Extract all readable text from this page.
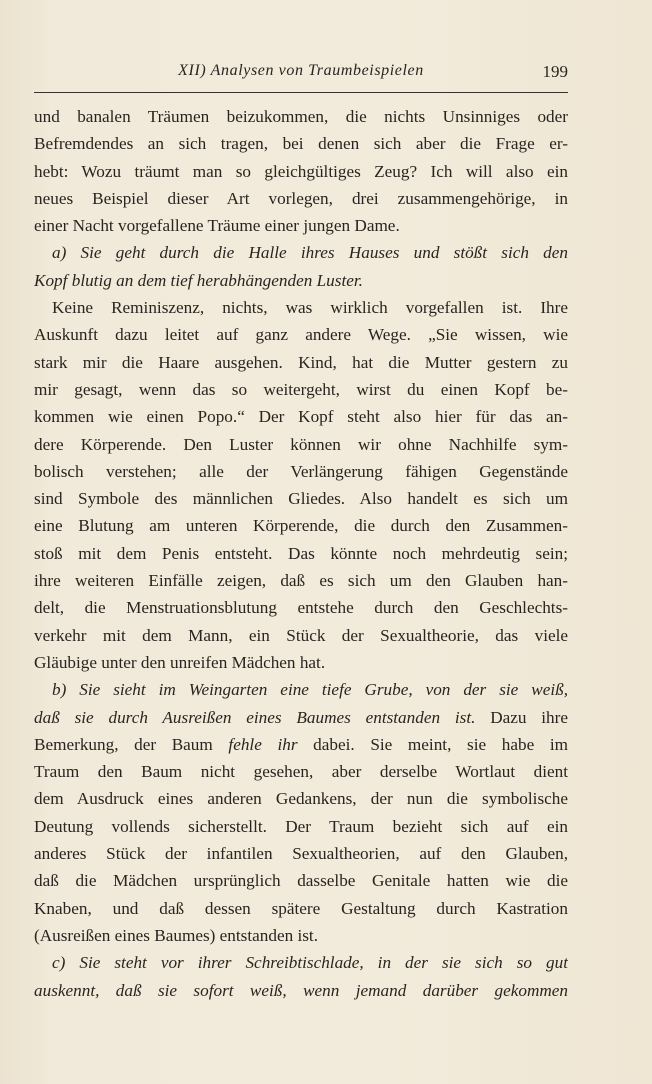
XII) Analysen von Traumbeispielen	199
und banalen Träumen beizukommen, die nichts Unsinniges oder
Befremdendes an sich tragen, bei denen sich aber die Frage er-
hebt: Wozu träumt man so gleichgültiges Zeug? Ich will also ein
neues Beispiel dieser Art vorlegen, drei zusammengehörige, in
einer Nacht vorgefallene Träume einer jungen Dame.
a) Sie geht durch die Halle ihres Hauses und stößt sich den
Kopf blutig an dem tief herabhängenden Luster.
Keine Reminiszenz, nichts, was wirklich vorgefallen ist. Ihre
Auskunft dazu leitet auf ganz andere Wege. „Sie wissen, wie
stark mir die Haare ausgehen. Kind, hat die Mutter gestern zu
mir gesagt, wenn das so weitergeht, wirst du einen Kopf be-
kommen wie einen Popo.“ Der Kopf steht also hier für das an-
dere Körperende. Den Luster können wir ohne Nachhilfe sym-
bolisch verstehen; alle der Verlängerung fähigen Gegenstände
sind Symbole des männlichen Gliedes. Also handelt es sich um
eine Blutung am unteren Körperende, die durch den Zusammen-
stoß mit dem Penis entsteht. Das könnte noch mehrdeutig sein;
ihre weiteren Einfälle zeigen, daß es sich um den Glauben han-
delt, die Menstruationsblutung entstehe durch den Geschlechts-
verkehr mit dem Mann, ein Stück der Sexualtheorie, das viele
Gläubige unter den unreifen Mädchen hat.
b) Sie sieht im Weingarten eine tiefe Grube, von der sie weiß,
daß sie durch Ausreißen eines Baumes entstanden ist. Dazu ihre
Bemerkung, der Baum fehle ihr dabei. Sie meint, sie habe im
Traum den Baum nicht gesehen, aber derselbe Wortlaut dient
dem Ausdruck eines anderen Gedankens, der nun die symbolische
Deutung vollends sicherstellt. Der Traum bezieht sich auf ein
anderes Stück der infantilen Sexualtheorien, auf den Glauben,
daß die Mädchen ursprünglich dasselbe Genitale hatten wie die
Knaben, und daß dessen spätere Gestaltung durch Kastration
(Ausreißen eines Baumes) entstanden ist.
c) Sie steht vor ihrer Schreibtischlade, in der sie sich so gut
auskennt, daß sie sofort weiß, wenn jemand darüber gekommen
